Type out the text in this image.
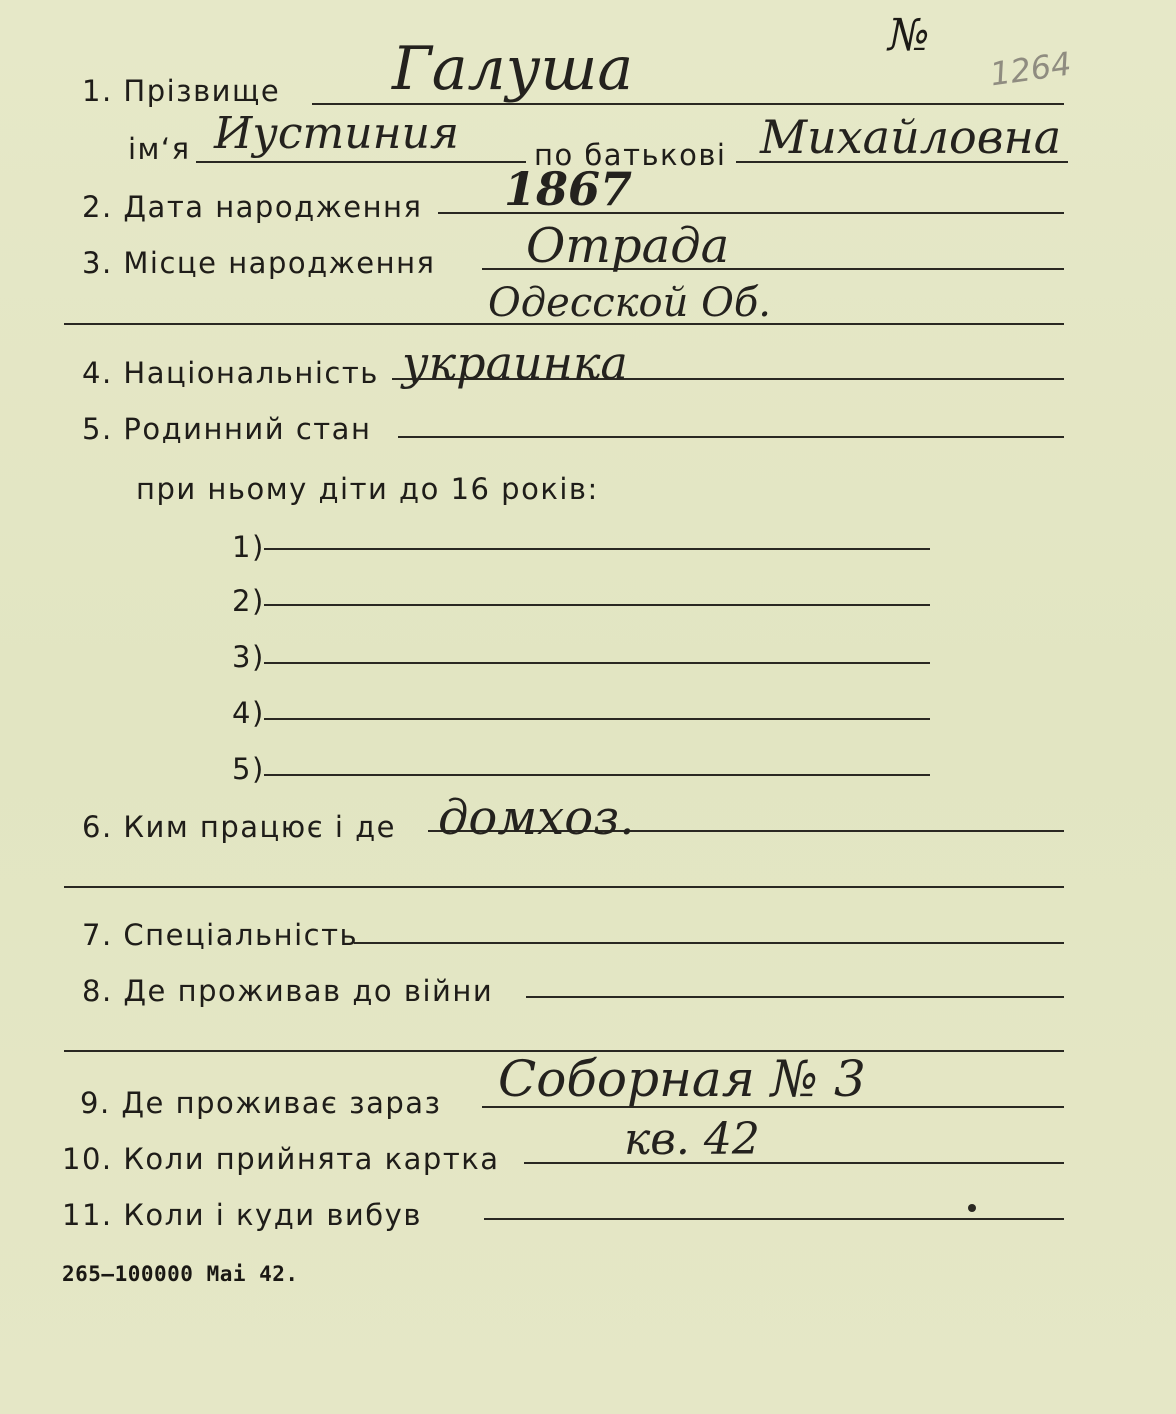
№
1264
1. Прізвище Галуша
ім‘я Иустиния	по батькові Михайловна
2. Дата народження 1867
3. Місце народження Отрада
Одесской Об.
4. Національність украинка
5. Родинний стан
при ньому діти до 16 років:
1)
2)
3)
4)
5)
6. Ким працює і де домхоз.
7. Спеціальність
8. Де проживав до війни
9. Де проживає зараз Соборная № 3
10. Коли прийнята картка	кв. 42
11. Коли і куди вибув
265—100000 Mai 42.
